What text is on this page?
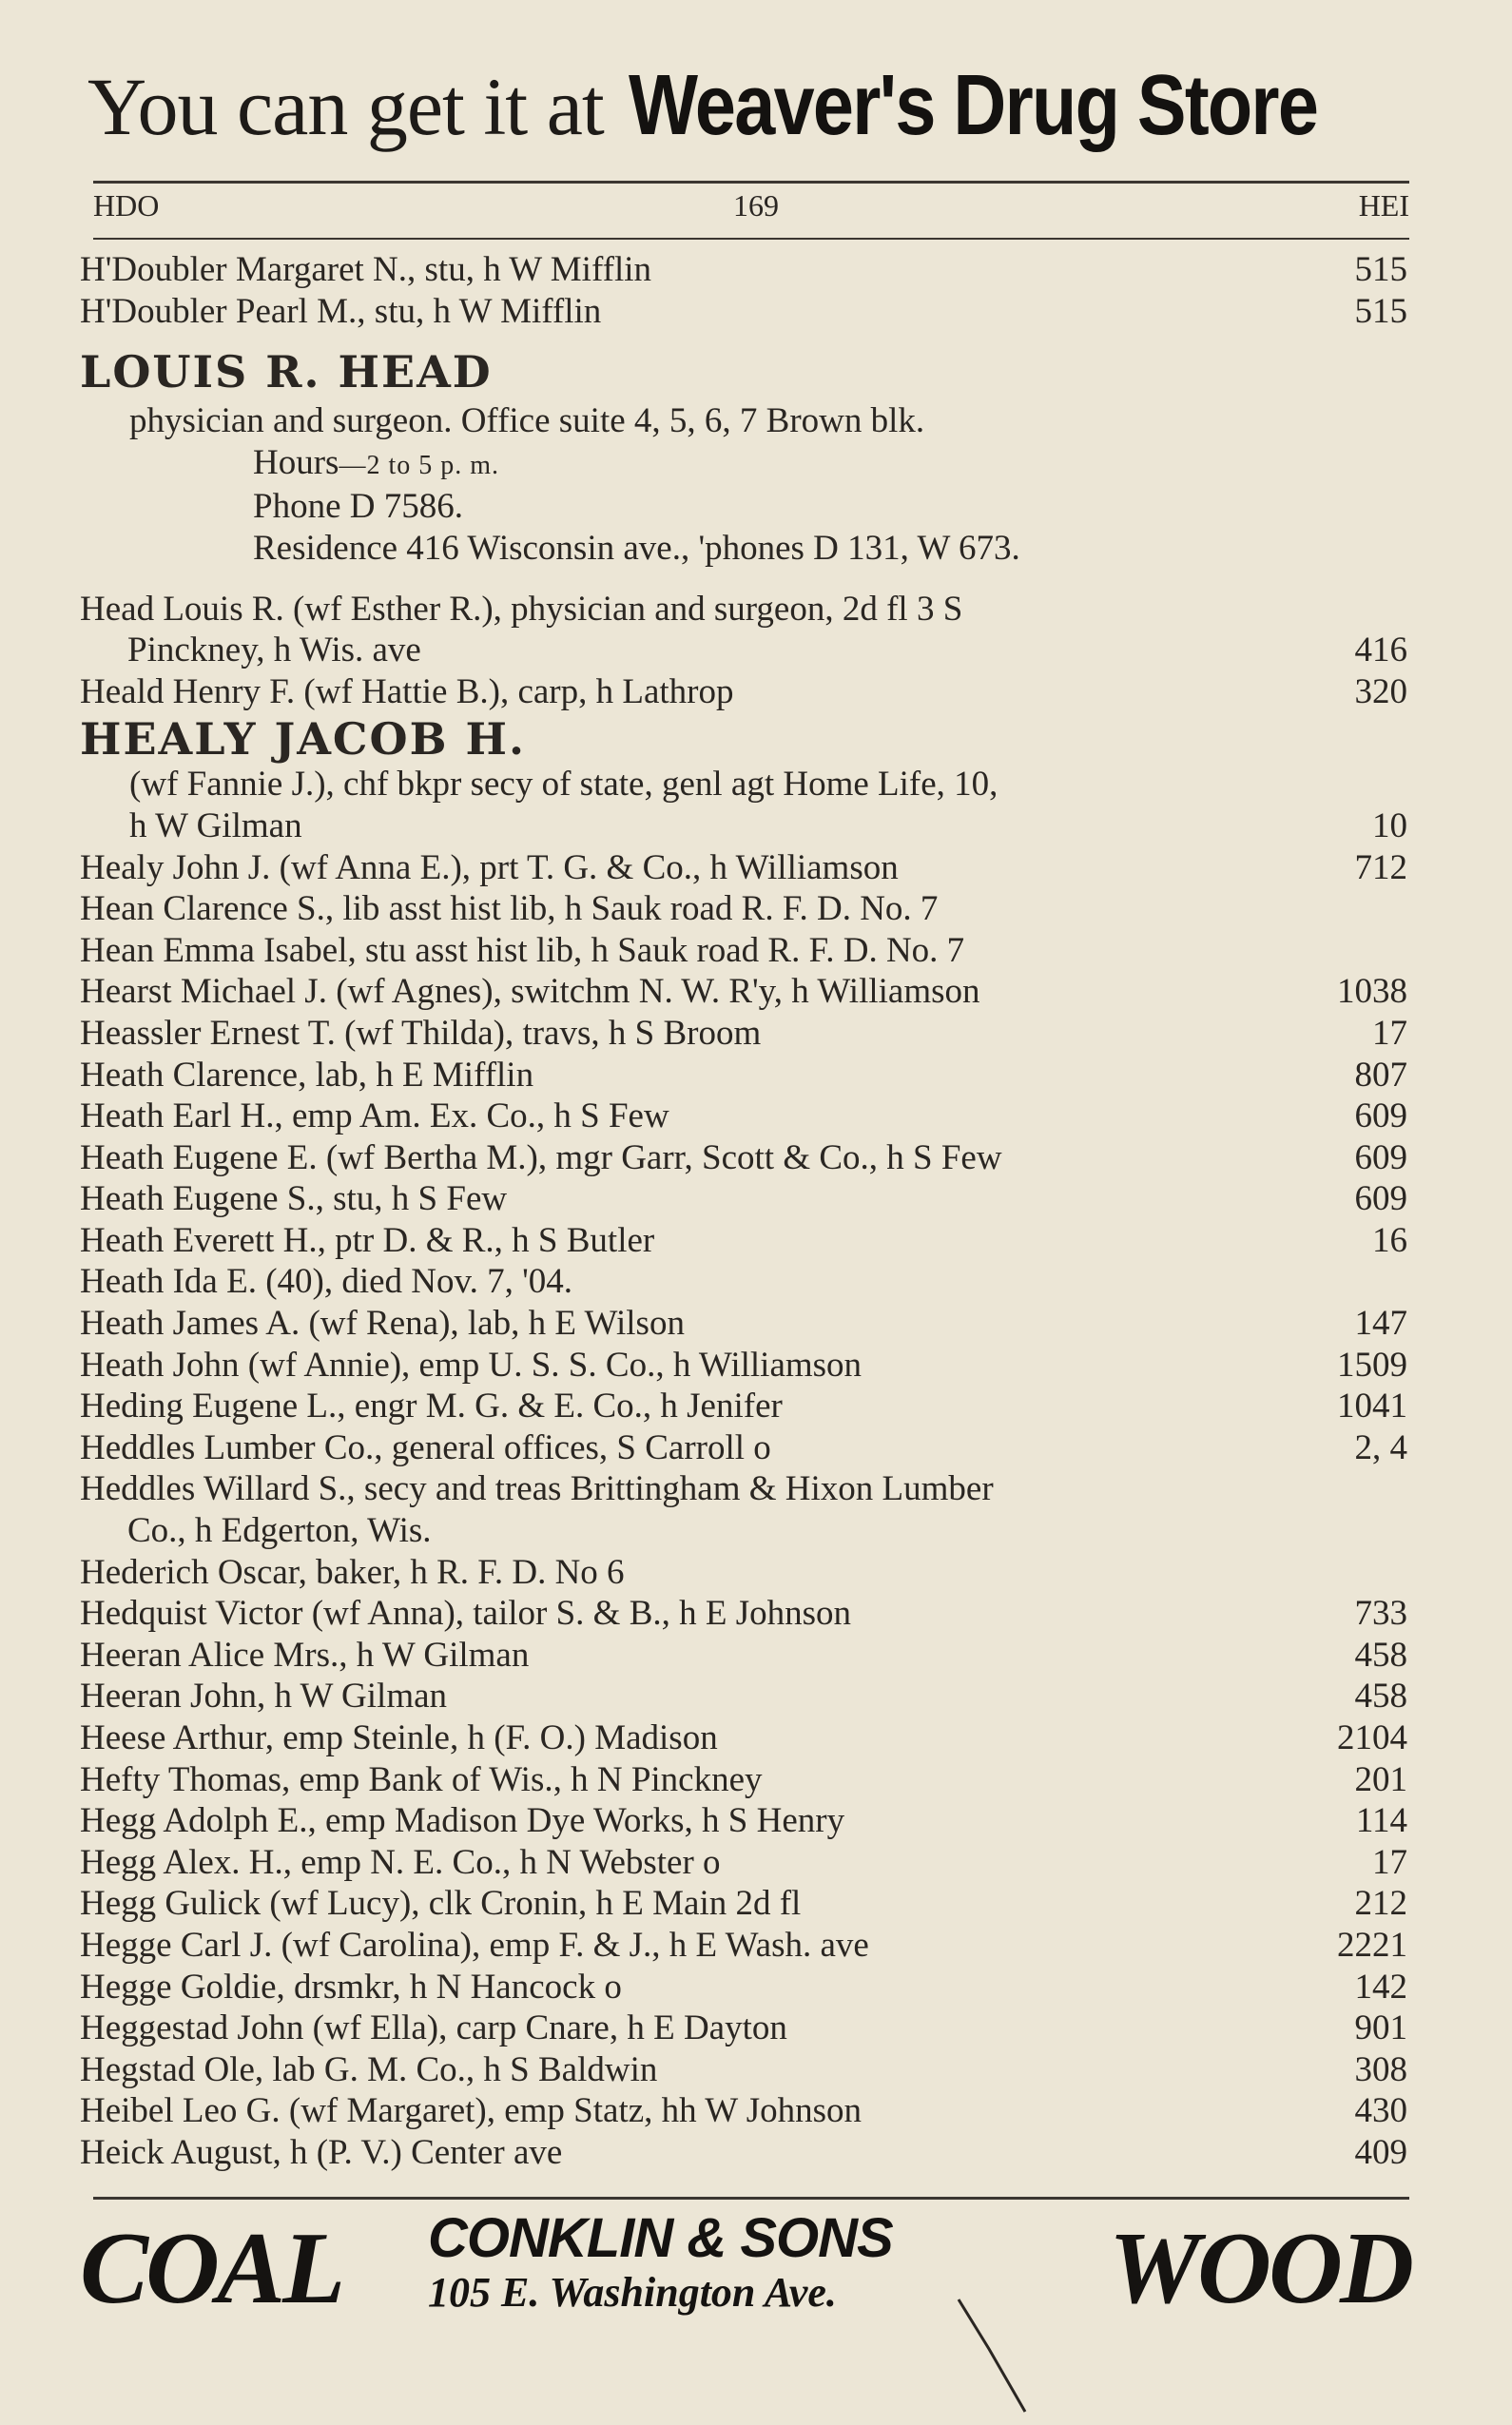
You can get it at Weaver's Drug Store
HDO	169	HEI
H'Doubler Margaret N., stu, h W Mifflin	515
H'Doubler Pearl M., stu, h W Mifflin	515
LOUIS R. HEAD
physician and surgeon. Office suite 4, 5, 6, 7 Brown blk.
Hours—2 to 5 p. m.
Phone D 7586.
Residence 416 Wisconsin ave., 'phones D 131, W 673.
Head Louis R. (wf Esther R.), physician and surgeon, 2d fl 3 S
Pinckney, h Wis. ave	416
Heald Henry F. (wf Hattie B.), carp, h Lathrop	320
HEALY JACOB H.
(wf Fannie J.), chf bkpr secy of state, genl agt Home Life, 10,
h W Gilman	10
Healy John J. (wf Anna E.), prt T. G. & Co., h Williamson	712
Hean Clarence S., lib asst hist lib, h Sauk road R. F. D. No. 7
Hean Emma Isabel, stu asst hist lib, h Sauk road R. F. D. No. 7
Hearst Michael J. (wf Agnes), switchm N. W. R'y, h Williamson	1038
Heassler Ernest T. (wf Thilda), travs, h S Broom	17
Heath Clarence, lab, h E Mifflin	807
Heath Earl H., emp Am. Ex. Co., h S Few	609
Heath Eugene E. (wf Bertha M.), mgr Garr, Scott & Co., h S Few	609
Heath Eugene S., stu, h S Few	609
Heath Everett H., ptr D. & R., h S Butler	16
Heath Ida E. (40), died Nov. 7, '04.
Heath James A. (wf Rena), lab, h E Wilson	147
Heath John (wf Annie), emp U. S. S. Co., h Williamson	1509
Heding Eugene L., engr M. G. & E. Co., h Jenifer	1041
Heddles Lumber Co., general offices, S Carroll o	2, 4
Heddles Willard S., secy and treas Brittingham & Hixon Lumber
Co., h Edgerton, Wis.
Hederich Oscar, baker, h R. F. D. No 6
Hedquist Victor (wf Anna), tailor S. & B., h E Johnson	733
Heeran Alice Mrs., h W Gilman	458
Heeran John, h W Gilman	458
Heese Arthur, emp Steinle, h (F. O.) Madison	2104
Hefty Thomas, emp Bank of Wis., h N Pinckney	201
Hegg Adolph E., emp Madison Dye Works, h S Henry	114
Hegg Alex. H., emp N. E. Co., h N Webster o	17
Hegg Gulick (wf Lucy), clk Cronin, h E Main 2d fl	212
Hegge Carl J. (wf Carolina), emp F. & J., h E Wash. ave	2221
Hegge Goldie, drsmkr, h N Hancock o	142
Heggestad John (wf Ella), carp Cnare, h E Dayton	901
Hegstad Ole, lab G. M. Co., h S Baldwin	308
Heibel Leo G. (wf Margaret), emp Statz, hh W Johnson	430
Heick August, h (P. V.) Center ave	409
COAL CONKLIN & SONS
105 E. Washington Ave.	WOOD
